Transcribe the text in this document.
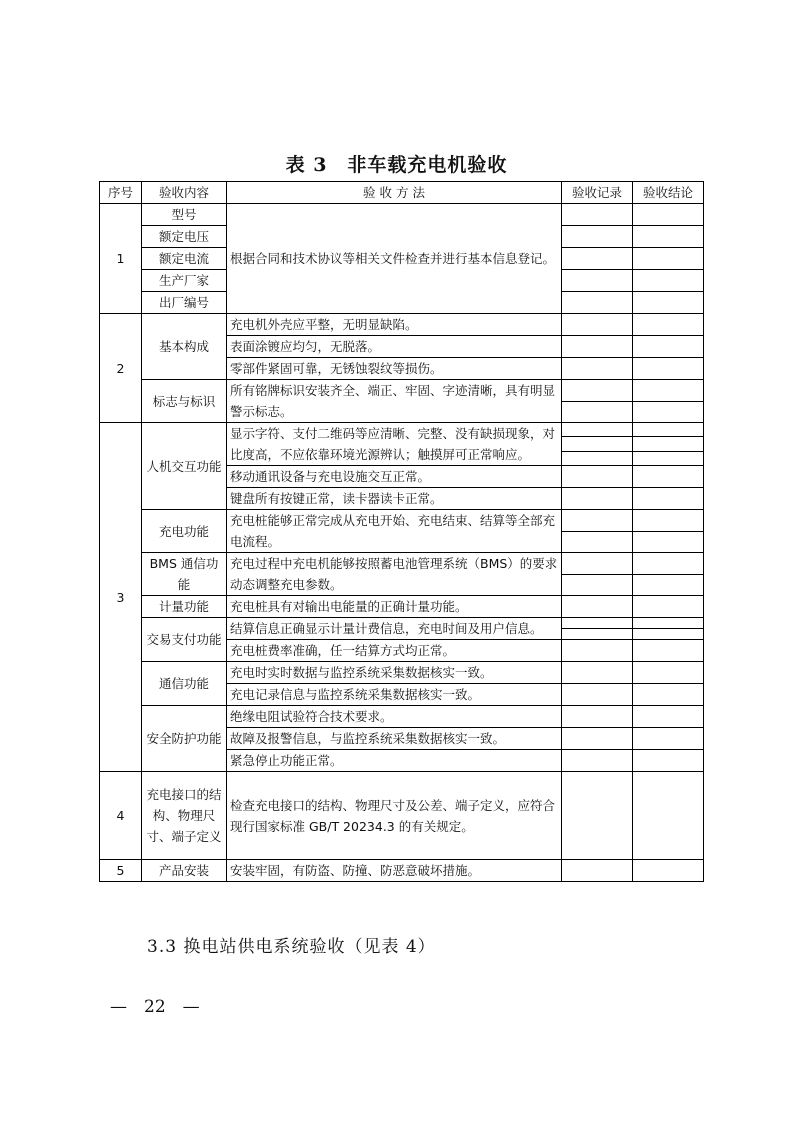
表 3　非车载充电机验收
序号	验收内容	验 收 方 法	验收记录	验收结论
1	型号	根据合同和技术协议等相关文件检查并进行基本信息登记。		
	额定电压			
	额定电流			
	生产厂家			
	出厂编号			
2	基本构成	充电机外壳应平整，无明显缺陷。		
		表面涂镀应均匀，无脱落。		
		零部件紧固可靠，无锈蚀裂纹等损伤。		
	标志与标识	所有铭牌标识安装齐全、端正、牢固、字迹清晰，具有明显警示标志。		

3	人机交互功能	显示字符、支付二维码等应清晰、完整、没有缺损现象，对比度高，不应依靠环境光源辨认；触摸屏可正常响应。		

		移动通讯设备与充电设施交互正常。		
		键盘所有按键正常，读卡器读卡正常。		
	充电功能	充电桩能够正常完成从充电开始、充电结束、结算等全部充电流程。		

	BMS 通信功能	充电过程中充电机能够按照蓄电池管理系统（BMS）的要求动态调整充电参数。		

	计量功能	充电桩具有对输出电能量的正确计量功能。		
	交易支付功能	结算信息正确显示计量计费信息，充电时间及用户信息。		

		充电桩费率准确，任一结算方式均正常。		
	通信功能	充电时实时数据与监控系统采集数据核实一致。		
		充电记录信息与监控系统采集数据核实一致。		
	安全防护功能	绝缘电阻试验符合技术要求。		
		故障及报警信息，与监控系统采集数据核实一致。		
		紧急停止功能正常。		
4	充电接口的结构、物理尺寸、端子定义	检查充电接口的结构、物理尺寸及公差、端子定义，应符合现行国家标准 GB/T 20234.3 的有关规定。		
5	产品安装	安装牢固，有防盗、防撞、防恶意破坏措施。		
3.3 换电站供电系统验收（见表 4）
—　22　—
